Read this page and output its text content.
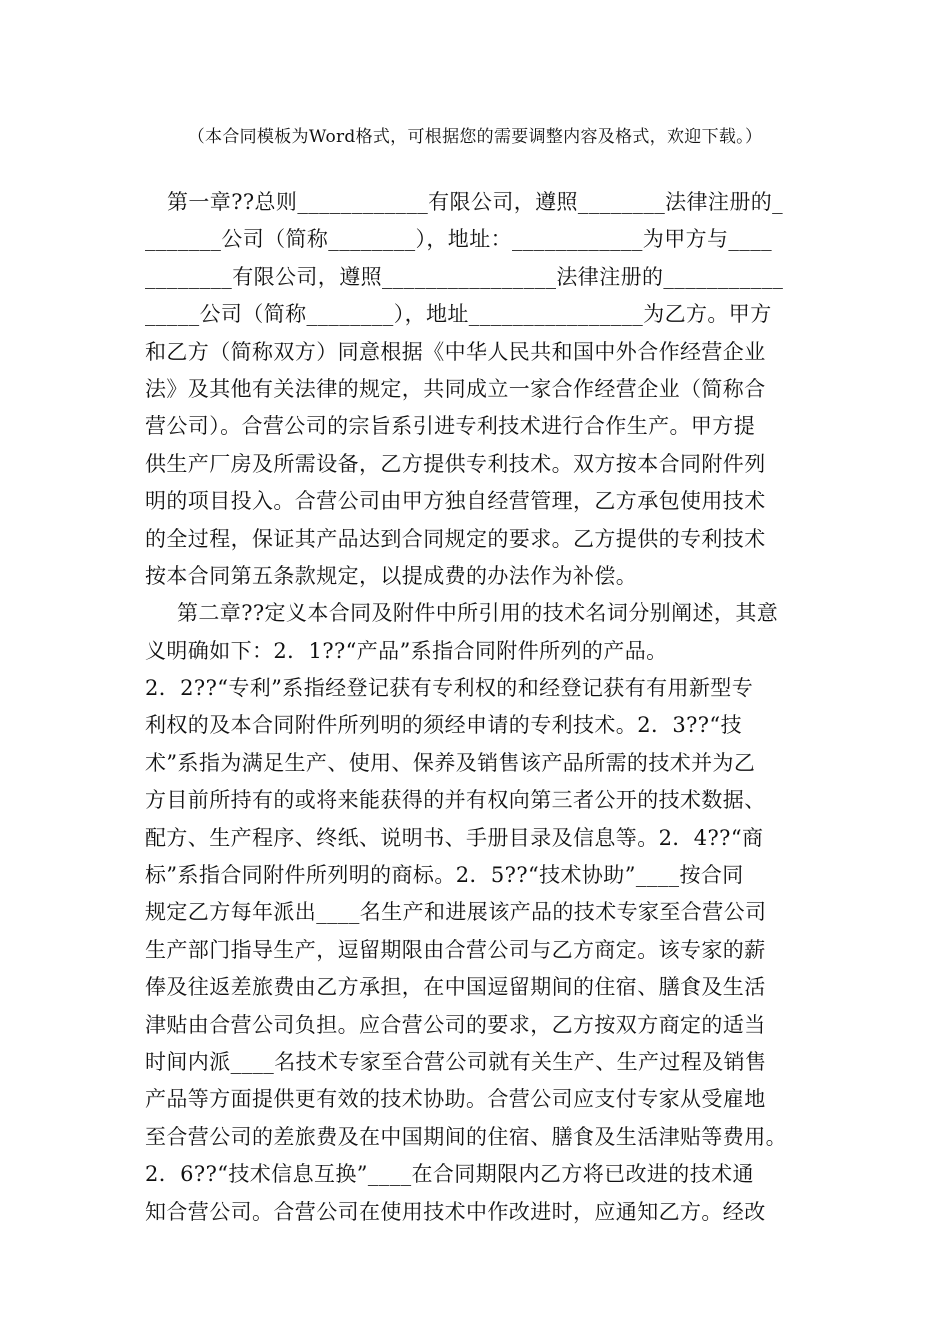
（本合同模板为Word格式，可根据您的需要调整内容及格式，欢迎下载。）
第一章??总则____________有限公司，遵照________法律注册的_
_______公司（简称________），地址：____________为甲方与____
________有限公司，遵照________________法律注册的___________
_____公司（简称________），地址________________为乙方。甲方
和乙方（简称双方）同意根据《中华人民共和国中外合作经营企业
法》及其他有关法律的规定，共同成立一家合作经营企业（简称合
营公司）。合营公司的宗旨系引进专利技术进行合作生产。甲方提
供生产厂房及所需设备，乙方提供专利技术。双方按本合同附件列
明的项目投入。合营公司由甲方独自经营管理，乙方承包使用技术
的全过程，保证其产品达到合同规定的要求。乙方提供的专利技术
按本合同第五条款规定，以提成费的办法作为补偿。
第二章??定义本合同及附件中所引用的技术名词分别阐述，其意
义明确如下：2．1??“产品”系指合同附件所列的产品。
2．2??“专利”系指经登记获有专利权的和经登记获有有用新型专
利权的及本合同附件所列明的须经申请的专利技术。2．3??“技
术”系指为满足生产、使用、保养及销售该产品所需的技术并为乙
方目前所持有的或将来能获得的并有权向第三者公开的技术数据、
配方、生产程序、终纸、说明书、手册目录及信息等。2．4??“商
标”系指合同附件所列明的商标。2．5??“技术协助”____按合同
规定乙方每年派出____名生产和进展该产品的技术专家至合营公司
生产部门指导生产，逗留期限由合营公司与乙方商定。该专家的薪
俸及往返差旅费由乙方承担，在中国逗留期间的住宿、膳食及生活
津贴由合营公司负担。应合营公司的要求，乙方按双方商定的适当
时间内派____名技术专家至合营公司就有关生产、生产过程及销售
产品等方面提供更有效的技术协助。合营公司应支付专家从受雇地
至合营公司的差旅费及在中国期间的住宿、膳食及生活津贴等费用。
2．6??“技术信息互换”____在合同期限内乙方将已改进的技术通
知合营公司。合营公司在使用技术中作改进时，应通知乙方。经改
